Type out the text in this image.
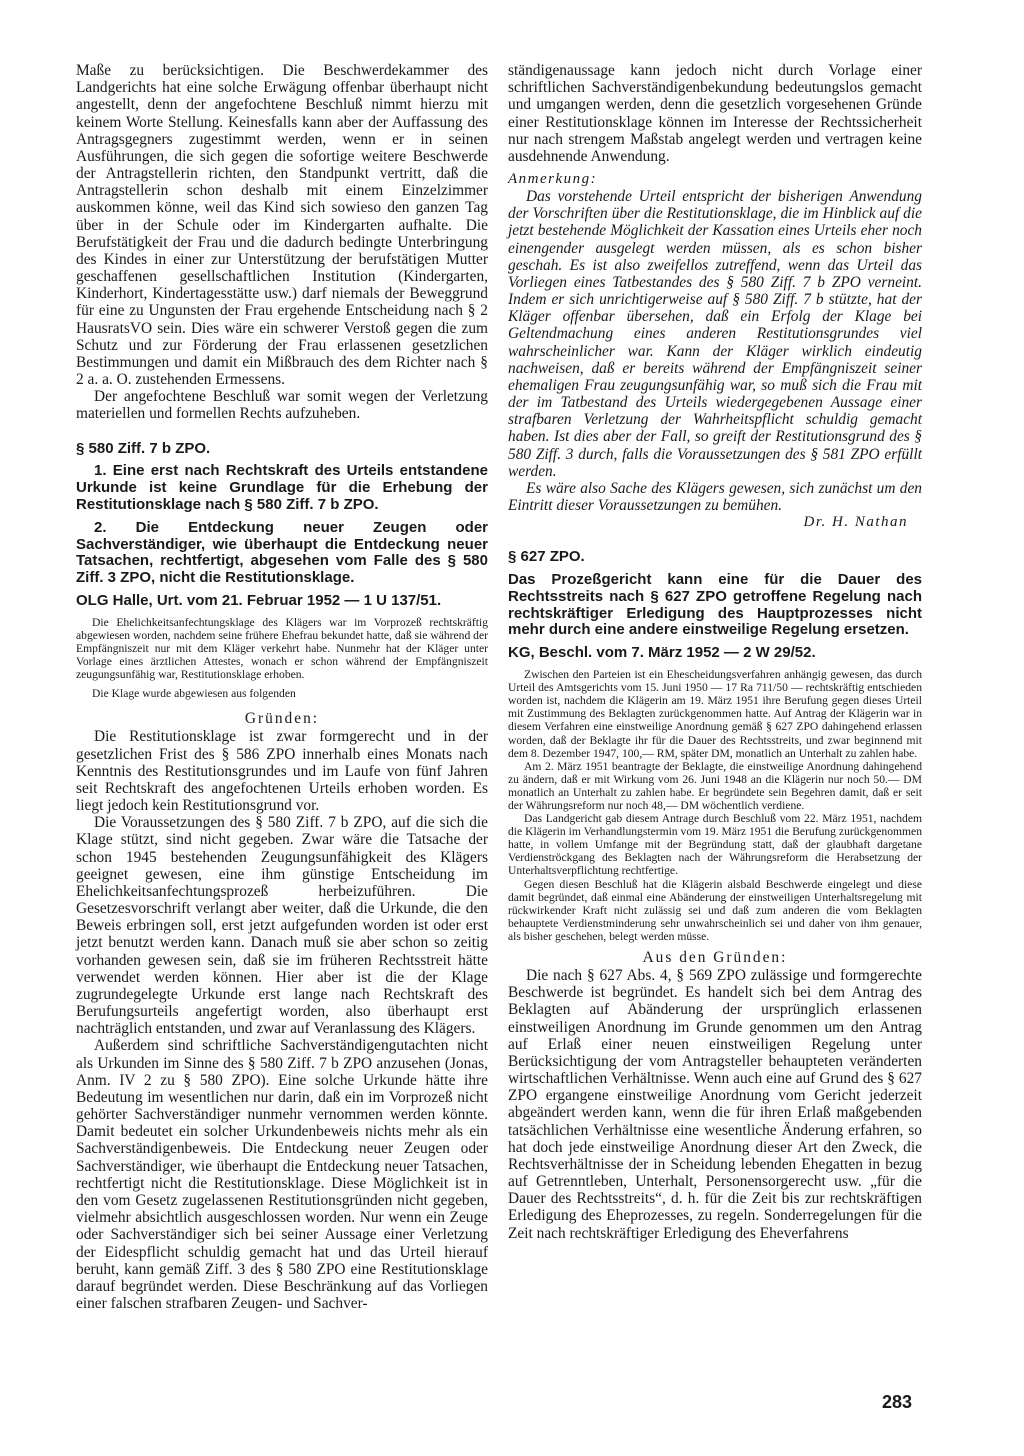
Maße zu berücksichtigen. Die Beschwerdekammer des Landgerichts hat eine solche Erwägung offenbar überhaupt nicht angestellt, denn der angefochtene Beschluß nimmt hierzu mit keinem Worte Stellung. Keinesfalls kann aber der Auffassung des Antragsgegners zugestimmt werden, wenn er in seinen Ausführungen, die sich gegen die sofortige weitere Beschwerde der Antragstellerin richten, den Standpunkt vertritt, daß die Antragstellerin schon deshalb mit einem Einzelzimmer auskommen könne, weil das Kind sich sowieso den ganzen Tag über in der Schule oder im Kindergarten aufhalte. Die Berufstätigkeit der Frau und die dadurch bedingte Unterbringung des Kindes in einer zur Unterstützung der berufstätigen Mutter geschaffenen gesellschaftlichen Institution (Kindergarten, Kinderhort, Kindertagesstätte usw.) darf niemals der Beweggrund für eine zu Ungunsten der Frau ergehende Entscheidung nach § 2 HausratsVO sein. Dies wäre ein schwerer Verstoß gegen die zum Schutz und zur Förderung der Frau erlassenen gesetzlichen Bestimmungen und damit ein Mißbrauch des dem Richter nach § 2 a. a. O. zustehenden Ermessens.

Der angefochtene Beschluß war somit wegen der Verletzung materiellen und formellen Rechts aufzuheben.

§ 580 Ziff. 7 b ZPO.

1. Eine erst nach Rechtskraft des Urteils entstandene Urkunde ist keine Grundlage für die Erhebung der Restitutionsklage nach § 580 Ziff. 7 b ZPO.

2. Die Entdeckung neuer Zeugen oder Sachverständiger, wie überhaupt die Entdeckung neuer Tatsachen, rechtfertigt, abgesehen vom Falle des § 580 Ziff. 3 ZPO, nicht die Restitutionsklage.

OLG Halle, Urt. vom 21. Februar 1952 — 1 U 137/51.

Die Ehelichkeitsanfechtungsklage des Klägers war im Vorprozeß rechtskräftig abgewiesen worden, nachdem seine frühere Ehefrau bekundet hatte, daß sie während der Empfängniszeit nur mit dem Kläger verkehrt habe. Nunmehr hat der Kläger unter Vorlage eines ärztlichen Attestes, wonach er schon während der Empfängniszeit zeugungsunfähig war, Restitutionsklage erhoben.

Die Klage wurde abgewiesen aus folgenden

Gründen:

Die Restitutionsklage ist zwar formgerecht und in der gesetzlichen Frist des § 586 ZPO innerhalb eines Monats nach Kenntnis des Restitutionsgrundes und im Laufe von fünf Jahren seit Rechtskraft des angefochtenen Urteils erhoben worden. Es liegt jedoch kein Restitutionsgrund vor.

Die Voraussetzungen des § 580 Ziff. 7 b ZPO, auf die sich die Klage stützt, sind nicht gegeben. Zwar wäre die Tatsache der schon 1945 bestehenden Zeugungsunfähigkeit des Klägers geeignet gewesen, eine ihm günstige Entscheidung im Ehelichkeitsanfechtungsprozeß herbeizuführen. Die Gesetzesvorschrift verlangt aber weiter, daß die Urkunde, die den Beweis erbringen soll, erst jetzt aufgefunden worden ist oder erst jetzt benutzt werden kann. Danach muß sie aber schon so zeitig vorhanden gewesen sein, daß sie im früheren Rechtsstreit hätte verwendet werden können. Hier aber ist die der Klage zugrundegelegte Urkunde erst lange nach Rechtskraft des Berufungsurteils angefertigt worden, also überhaupt erst nachträglich entstanden, und zwar auf Veranlassung des Klägers.

Außerdem sind schriftliche Sachverständigengutachten nicht als Urkunden im Sinne des § 580 Ziff. 7 b ZPO anzusehen (Jonas, Anm. IV 2 zu § 580 ZPO). Eine solche Urkunde hätte ihre Bedeutung im wesentlichen nur darin, daß ein im Vorprozeß nicht gehörter Sachverständiger nunmehr vernommen werden könnte. Damit bedeutet ein solcher Urkundenbeweis nichts mehr als ein Sachverständigenbeweis. Die Entdeckung neuer Zeugen oder Sachverständiger, wie überhaupt die Entdeckung neuer Tatsachen, rechtfertigt nicht die Restitutionsklage. Diese Möglichkeit ist in den vom Gesetz zugelassenen Restitutionsgründen nicht gegeben, vielmehr absichtlich ausgeschlossen worden. Nur wenn ein Zeuge oder Sachverständiger sich bei seiner Aussage einer Verletzung der Eidespflicht schuldig gemacht hat und das Urteil hierauf beruht, kann gemäß Ziff. 3 des § 580 ZPO eine Restitutionsklage darauf begründet werden. Diese Beschränkung auf das Vorliegen einer falschen strafbaren Zeugen- und Sachver-

ständigenaussage kann jedoch nicht durch Vorlage einer schriftlichen Sachverständigenbekundung bedeutungslos gemacht und umgangen werden, denn die gesetzlich vorgesehenen Gründe einer Restitutionsklage können im Interesse der Rechtssicherheit nur nach strengem Maßstab angelegt werden und vertragen keine ausdehnende Anwendung.

Anmerkung:

Das vorstehende Urteil entspricht der bisherigen Anwendung der Vorschriften über die Restitutionsklage, die im Hinblick auf die jetzt bestehende Möglichkeit der Kassation eines Urteils eher noch einengender ausgelegt werden müssen, als es schon bisher geschah. Es ist also zweifellos zutreffend, wenn das Urteil das Vorliegen eines Tatbestandes des § 580 Ziff. 7 b ZPO verneint. Indem er sich unrichtigerweise auf § 580 Ziff. 7 b stützte, hat der Kläger offenbar übersehen, daß ein Erfolg der Klage bei Geltendmachung eines anderen Restitutionsgrundes viel wahrscheinlicher war. Kann der Kläger wirklich eindeutig nachweisen, daß er bereits während der Empfängniszeit seiner ehemaligen Frau zeugungsunfähig war, so muß sich die Frau mit der im Tatbestand des Urteils wiedergegebenen Aussage einer strafbaren Verletzung der Wahrheitspflicht schuldig gemacht haben. Ist dies aber der Fall, so greift der Restitutionsgrund des § 580 Ziff. 3 durch, falls die Voraussetzungen des § 581 ZPO erfüllt werden.

Es wäre also Sache des Klägers gewesen, sich zunächst um den Eintritt dieser Voraussetzungen zu bemühen.

Dr. H. Nathan

§ 627 ZPO.

Das Prozeßgericht kann eine für die Dauer des Rechtsstreits nach § 627 ZPO getroffene Regelung nach rechtskräftiger Erledigung des Hauptprozesses nicht mehr durch eine andere einstweilige Regelung ersetzen.

KG, Beschl. vom 7. März 1952 — 2 W 29/52.

Zwischen den Parteien ist ein Ehescheidungsverfahren anhängig gewesen, das durch Urteil des Amtsgerichts vom 15. Juni 1950 — 17 Ra 711/50 — rechtskräftig entschieden worden ist, nachdem die Klägerin am 19. März 1951 ihre Berufung gegen dieses Urteil mit Zustimmung des Beklagten zurückgenommen hatte. Auf Antrag der Klägerin war in diesem Verfahren eine einstweilige Anordnung gemäß § 627 ZPO dahingehend erlassen worden, daß der Beklagte ihr für die Dauer des Rechtsstreits, und zwar beginnend mit dem 8. Dezember 1947, 100,— RM, später DM, monatlich an Unterhalt zu zahlen habe.

Am 2. März 1951 beantragte der Beklagte, die einstweilige Anordnung dahingehend zu ändern, daß er mit Wirkung vom 26. Juni 1948 an die Klägerin nur noch 50.— DM monatlich an Unterhalt zu zahlen habe. Er begründete sein Begehren damit, daß er seit der Währungsreform nur noch 48,— DM wöchentlich verdiene.

Das Landgericht gab diesem Antrage durch Beschluß vom 22. März 1951, nachdem die Klägerin im Verhandlungstermin vom 19. März 1951 die Berufung zurückgenommen hatte, in vollem Umfange mit der Begründung statt, daß der glaubhaft dargetane Verdienströckgang des Beklagten nach der Währungsreform die Herabsetzung der Unterhaltsverpflichtung rechtfertige.

Gegen diesen Beschluß hat die Klägerin alsbald Beschwerde eingelegt und diese damit begründet, daß einmal eine Abänderung der einstweiligen Unterhaltsregelung mit rückwirkender Kraft nicht zulässig sei und daß zum anderen die vom Beklagten behauptete Verdienstminderung sehr unwahrscheinlich sei und daher von ihm genauer, als bisher geschehen, belegt werden müsse.

Aus den Gründen:

Die nach § 627 Abs. 4, § 569 ZPO zulässige und formgerechte Beschwerde ist begründet. Es handelt sich bei dem Antrag des Beklagten auf Abänderung der ursprünglich erlassenen einstweiligen Anordnung im Grunde genommen um den Antrag auf Erlaß einer neuen einstweiligen Regelung unter Berücksichtigung der vom Antragsteller behaupteten veränderten wirtschaftlichen Verhältnisse. Wenn auch eine auf Grund des § 627 ZPO ergangene einstweilige Anordnung vom Gericht jederzeit abgeändert werden kann, wenn die für ihren Erlaß maßgebenden tatsächlichen Verhältnisse eine wesentliche Änderung erfahren, so hat doch jede einstweilige Anordnung dieser Art den Zweck, die Rechtsverhältnisse der in Scheidung lebenden Ehegatten in bezug auf Getrenntleben, Unterhalt, Personensorgerecht usw. „für die Dauer des Rechtsstreits“, d. h. für die Zeit bis zur rechtskräftigen Erledigung des Eheprozesses, zu regeln. Sonderregelungen für die Zeit nach rechtskräftiger Erledigung des Eheverfahrens

283
